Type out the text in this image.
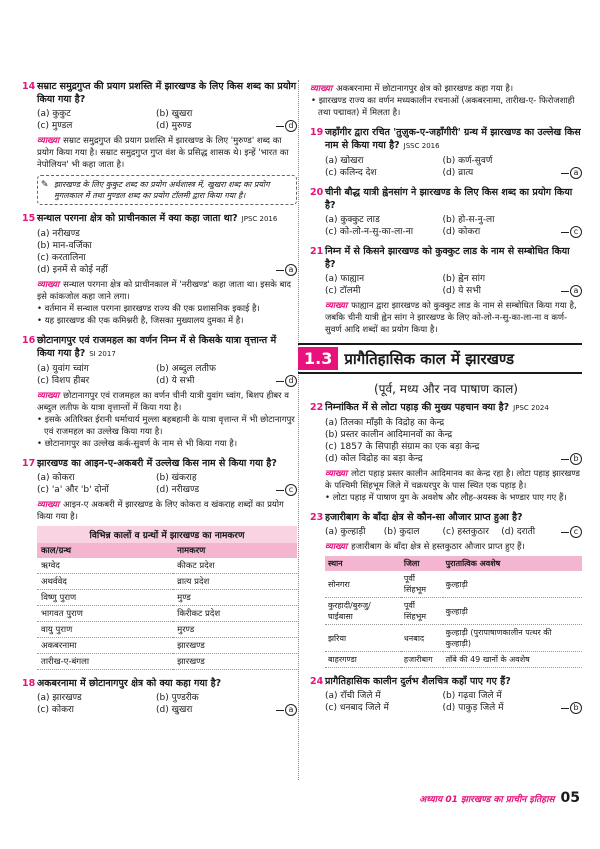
14 सम्राट समुद्रगुप्त की प्रयाग प्रशस्ति में झारखण्ड के लिए किस शब्द का प्रयोग किया गया है?
(a) कुकुट	(b) खुखरा
(c) मुण्डल	(d) मुरुण्ड	d
व्याख्या सम्राट समुद्रगुप्त की प्रयाग प्रशस्ति में झारखण्ड के लिए 'मुरुण्ड' शब्द का प्रयोग किया गया है। सम्राट समुद्रगुप्त गुप्त वंश के प्रसिद्ध शासक थे। इन्हें 'भारत का नेपोलियन' भी कहा जाता है।
✎ झारखण्ड के लिए कुकुट शब्द का प्रयोग अर्थशास्त्र में, खुखरा शब्द का प्रयोग मुगलकाल में तथा मुण्डल शब्द का प्रयोग टॉलमी द्वारा किया गया है।
15 सन्थाल परगना क्षेत्र को प्राचीनकाल में क्या कहा जाता था? JPSC 2016
(a) नरीखण्ड
(b) मान-वर्जिका
(c) करतालिना
(d) इनमें से कोई नहीं	a
व्याख्या सन्थाल परगना क्षेत्र को प्राचीनकाल में 'नरीखण्ड' कहा जाता था। इसके बाद इसे कांकजोल कहा जाने लगा।
• वर्तमान में सन्थाल परगना झारखण्ड राज्य की एक प्रशासनिक इकाई है।
• यह झारखण्ड की एक कमिश्नरी है, जिसका मुख्यालय दुमका में है।
16 छोटानागपुर एवं राजमहल का वर्णन निम्न में से किसके यात्रा वृत्तान्त में किया गया है? SI 2017
(a) युवांग च्वांग	(b) अब्दुल लतीफ
(c) विशप हीबर	(d) ये सभी	d
व्याख्या छोटानागपुर एवं राजमहल का वर्णन चीनी यात्री युवांग च्वांग, बिशप हीबर व अब्दुल लतीफ के यात्रा वृत्तान्तों में किया गया है।
• इसके अतिरिक्त ईरानी धर्माचार्य मुल्ला बहबहानी के यात्रा वृत्तान्त में भी छोटानागपुर एवं राजमहल का उल्लेख किया गया है।
• छोटानागपुर का उल्लेख कर्क-सुवर्ण के नाम से भी किया गया है।
17 झारखण्ड का आइन-ए-अकबरी में उल्लेख किस नाम से किया गया है?
(a) कोकरा	(b) खंकराह
(c) 'a' और 'b' दोनों	(d) नरीखण्ड	c
व्याख्या आइन-ए अकबरी में झारखण्ड के लिए कोकरा व खंकराह शब्दों का प्रयोग किया गया है।
विभिन्न कालों व ग्रन्थों में झारखण्ड का नामकरण
काल/ग्रन्थ	नामकरण
ऋग्वेद	कीकट प्रदेश
अथर्ववेद	व्रात्य प्रदेश
विष्णु पुराण	मुण्ड
भागवत पुराण	किरीकट प्रदेश
वायु पुराण	मुरण्ड
अकबरनामा	झारखण्ड
तारीख-ए-बंगला	झारखण्ड
18 अकबरनामा में छोटानागपुर क्षेत्र को क्या कहा गया है?
(a) झारखण्ड	(b) पुण्डरीक
(c) कोकरा	(d) खुखरा	a
व्याख्या अकबरनामा में छोटानागपुर क्षेत्र को झारखण्ड कहा गया है।
• झारखण्ड राज्य का वर्णन मध्यकालीन रचनाओं (अकबरनामा, तारीख-ए- फिरोजशाही तथा पद्मावत) में मिलता है।
19 जहाँगीर द्वारा रचित 'तुज़ुक-ए-जहाँगीरी' ग्रन्थ में झारखण्ड का उल्लेख किस नाम से किया गया है? JSSC 2016
(a) खोखरा	(b) कर्ण-सुवर्ण
(c) कलिन्द देश	(d) व्रात्य	a
20 चीनी बौद्ध यात्री ह्वेनसांग ने झारखण्ड के लिए किस शब्द का प्रयोग किया है?
(a) कुक्कुट लाड	(b) हो-स-नु-ला
(c) को-लो-न-सु-का-ला-ना	(d) कोकरा	c
21 निम्न में से किसने झारखण्ड को कुक्कुट लाड के नाम से सम्बोधित किया है?
(a) फाह्यान	(b) ह्वेन सांग
(c) टॉलमी	(d) ये सभी	a
व्याख्या फाह्यान द्वारा झारखण्ड को कुक्कुट लाड के नाम से सम्बोधित किया गया है, जबकि चीनी यात्री ह्वेन सांग ने झारखण्ड के लिए को-लो-न-सु-का-ला-ना व कर्ण-सुवर्ण आदि शब्दों का प्रयोग किया है।
1.3 प्रागैतिहासिक काल में झारखण्ड
(पूर्व, मध्य और नव पाषाण काल)
22 निम्नांकित में से लोटा पहाड़ की मुख्य पहचान क्या है? JPSC 2024
(a) तिलका माँझी के विद्रोह का केन्द्र
(b) प्रस्तर कालीन आदिमानवों का केन्द्र
(c) 1857 के सिपाही संग्राम का एक बड़ा केन्द्र
(d) कोल विद्रोह का बड़ा केन्द्र	b
व्याख्या लोटा पहाड़ प्रस्तर कालीन आदिमानव का केन्द्र रहा है। लोटा पहाड़ झारखण्ड के पश्चिमी सिंहभूम जिले में चक्रधरपुर के पास स्थित एक पहाड़ है।
• लोटा पहाड़ में पाषाण युग के अवशेष और लौह-अयस्क के भण्डार पाए गए हैं।
23 हजारीबाग के बाँदा क्षेत्र से कौन-सा औजार प्राप्त हुआ है?
(a) कुल्हाड़ी	(b) कुदाल	(c) हस्तकुठार	(d) दराती	c
व्याख्या हजारीबाग के बाँदा क्षेत्र से हस्तकुठार औजार प्राप्त हुए हैं।
स्थान	जिला	पुरातात्विक अवशेष
सोनगरा	पूर्वी सिंहभूम	कुल्हाड़ी
कुरहादी/बुरुजु/ घाईबासा	पूर्वी सिंहभूम	कुल्हाड़ी
झरिया	धनबाद	कुल्हाड़ी (पुरापाषाणकालीन पत्थर की कुल्हाड़ी)
बाहरगण्डा	हजारीबाग	ताँबे की 49 खानों के अवशेष
24 प्रागैतिहासिक कालीन दुर्लभ शैलचित्र कहाँ पाए गए हैं?
(a) राँची जिले में	(b) गढ़वा जिले में
(c) धनबाद जिले में	(d) पाकुड़ जिले में	b
अध्याय 01 झारखण्ड का प्राचीन इतिहास 05
